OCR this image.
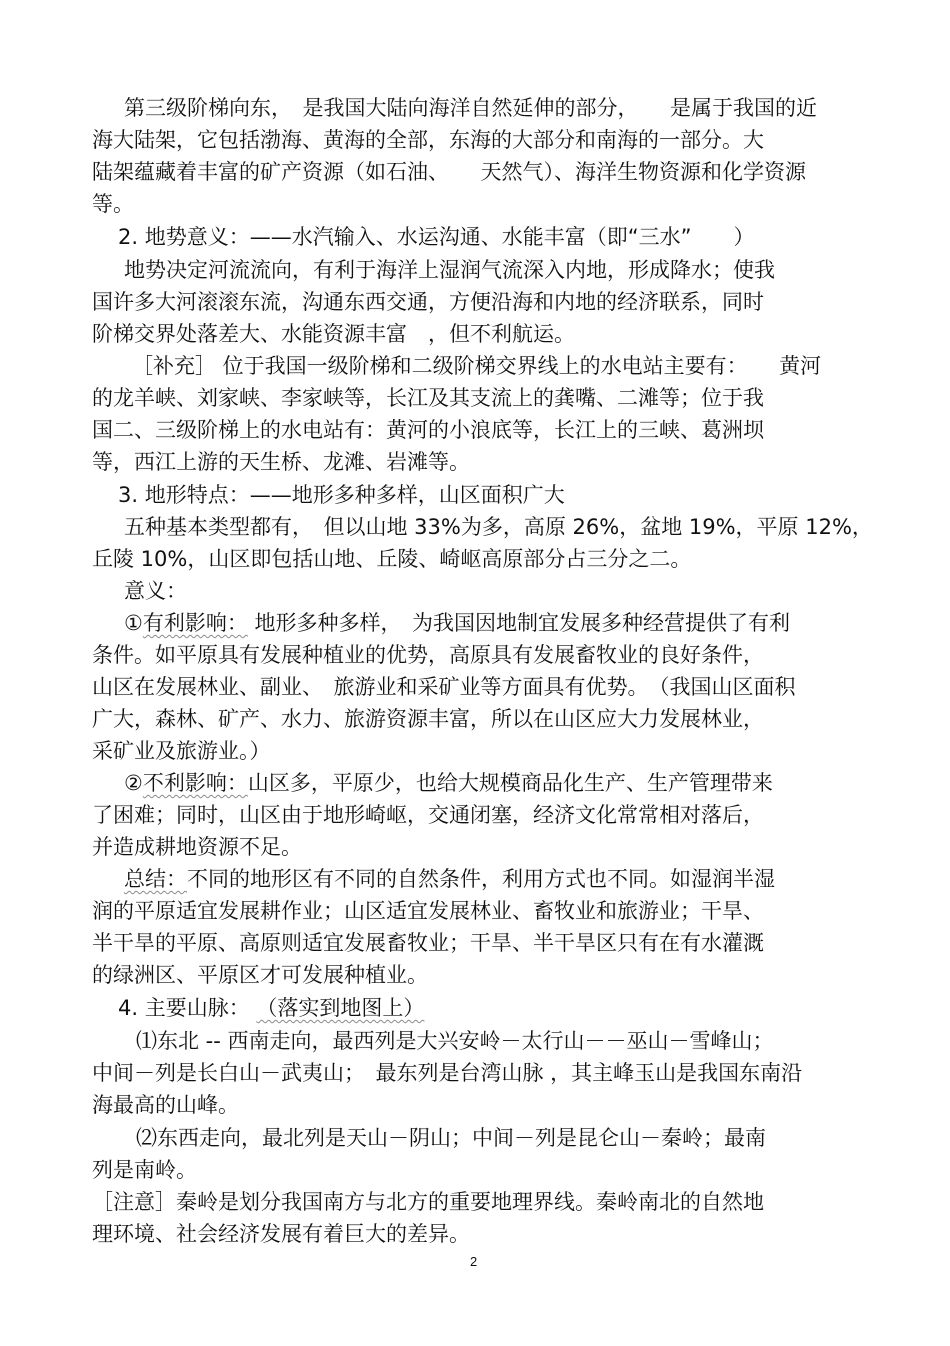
第三级阶梯向东，　是我国大陆向海洋自然延伸的部分，　　是属于我国的近
海大陆架，它包括渤海、黄海的全部，东海的大部分和南海的一部分。大
陆架蕴藏着丰富的矿产资源（如石油、　　天然气）、海洋生物资源和化学资源
等。
2. 地势意义：——水汽输入、水运沟通、水能丰富（即“三水”　　）
地势决定河流流向，有利于海洋上湿润气流深入内地，形成降水；使我
国许多大河滚滚东流，沟通东西交通，方便沿海和内地的经济联系，同时
阶梯交界处落差大、水能资源丰富　，但不利航运。
［补充］ 位于我国一级阶梯和二级阶梯交界线上的水电站主要有：　　黄河
的龙羊峡、刘家峡、李家峡等，长江及其支流上的龚嘴、二滩等；位于我
国二、三级阶梯上的水电站有：黄河的小浪底等，长江上的三峡、葛洲坝
等，西江上游的天生桥、龙滩、岩滩等。
3. 地形特点：——地形多种多样，山区面积广大
五种基本类型都有，　但以山地 33%为多，高原 26%，盆地 19%，平原 12%，
丘陵 10%，山区即包括山地、丘陵、崎岖高原部分占三分之二。
意义：
①有利影响： 地形多种多样，　为我国因地制宜发展多种经营提供了有利
条件。如平原具有发展种植业的优势，高原具有发展畜牧业的良好条件，
山区在发展林业、副业、　旅游业和采矿业等方面具有优势。　（我国山区面积
广大，森林、矿产、水力、旅游资源丰富，所以在山区应大力发展林业，
采矿业及旅游业。）
②不利影响：山区多，平原少，也给大规模商品化生产、生产管理带来
了困难；同时，山区由于地形崎岖，交通闭塞，经济文化常常相对落后，
并造成耕地资源不足。
总结：不同的地形区有不同的自然条件，利用方式也不同。如湿润半湿
润的平原适宜发展耕作业；山区适宜发展林业、畜牧业和旅游业；干旱、
半干旱的平原、高原则适宜发展畜牧业；干旱、半干旱区只有在有水灌溉
的绿洲区、平原区才可发展种植业。
4. 主要山脉： （落实到地图上）
⑴东北 -- 西南走向，最西列是大兴安岭－太行山－－巫山－雪峰山；
中间－列是长白山－武夷山；　最东列是台湾山脉 ，其主峰玉山是我国东南沿
海最高的山峰。
⑵东西走向，最北列是天山－阴山；中间－列是昆仑山－秦岭；最南
列是南岭。
［注意］秦岭是划分我国南方与北方的重要地理界线。秦岭南北的自然地
理环境、社会经济发展有着巨大的差异。
2
